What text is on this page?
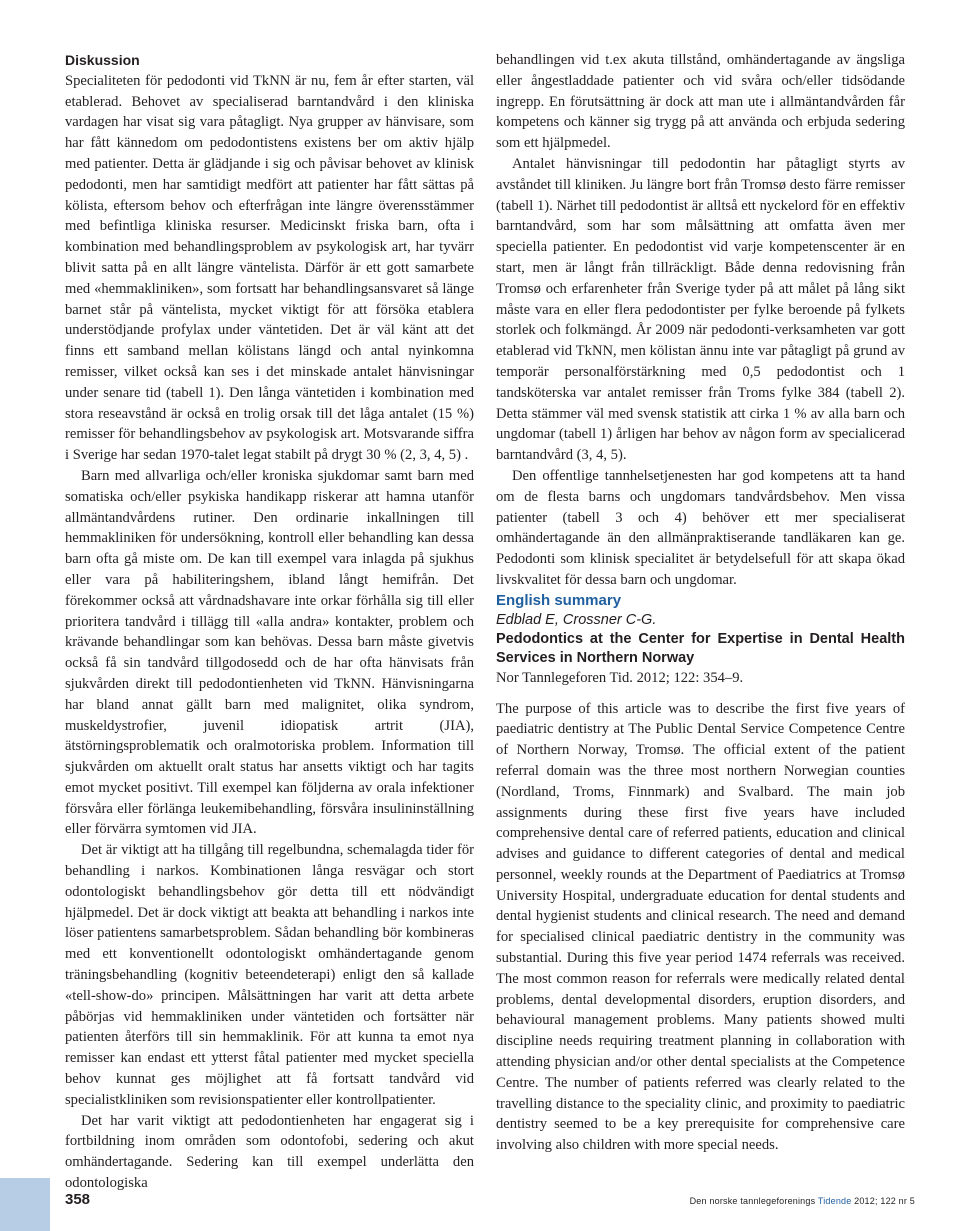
Diskussion

Specialiteten för pedodonti vid TkNN är nu, fem år efter starten, väl etablerad. Behovet av specialiserad barntandvård i den kliniska vardagen har visat sig vara påtagligt. Nya grupper av hänvisare, som har fått kännedom om pedodontistens existens ber om aktiv hjälp med patienter. Detta är glädjande i sig och påvisar behovet av klinisk pedodonti, men har samtidigt medfört att patienter har fått sättas på kölista, eftersom behov och efterfrågan inte längre överensstämmer med befintliga kliniska resurser. Medicinskt friska barn, ofta i kombination med behandlingsproblem av psykologisk art, har tyvärr blivit satta på en allt längre väntelista. Därför är ett gott samarbete med «hemmakliniken», som fortsatt har behandlingsansvaret så länge barnet står på väntelista, mycket viktigt för att försöka etablera understödjande profylax under väntetiden. Det är väl känt att det finns ett samband mellan kölistans längd och antal nyinkomna remisser, vilket också kan ses i det minskade antalet hänvisningar under senare tid (tabell 1). Den långa väntetiden i kombination med stora reseavstånd är också en trolig orsak till det låga antalet (15 %) remisser för behandlingsbehov av psykologisk art. Motsvarande siffra i Sverige har sedan 1970-talet legat stabilt på drygt 30 % (2, 3, 4, 5) .

Barn med allvarliga och/eller kroniska sjukdomar samt barn med somatiska och/eller psykiska handikapp riskerar att hamna utanför allmäntandvårdens rutiner. Den ordinarie inkallningen till hemmakliniken för undersökning, kontroll eller behandling kan dessa barn ofta gå miste om. De kan till exempel vara inlagda på sjukhus eller vara på habiliteringshem, ibland långt hemifrån. Det förekommer också att vårdnadshavare inte orkar förhålla sig till eller prioritera tandvård i tillägg till «alla andra» kontakter, problem och krävande behandlingar som kan behövas. Dessa barn måste givetvis också få sin tandvård tillgodosedd och de har ofta hänvisats från sjukvården direkt till pedodontienheten vid TkNN. Hänvisningarna har bland annat gällt barn med malignitet, olika syndrom, muskeldystrofier, juvenil idiopatisk artrit (JIA), ätstörningsproblematik och oralmotoriska problem. Information till sjukvården om aktuellt oralt status har ansetts viktigt och har tagits emot mycket positivt. Till exempel kan följderna av orala infektioner försvåra eller förlänga leukemibehandling, försvåra insulininställning eller förvärra symtomen vid JIA.

Det är viktigt att ha tillgång till regelbundna, schemalagda tider för behandling i narkos. Kombinationen långa resvägar och stort odontologiskt behandlingsbehov gör detta till ett nödvändigt hjälpmedel. Det är dock viktigt att beakta att behandling i narkos inte löser patientens samarbetsproblem. Sådan behandling bör kombineras med ett konventionellt odontologiskt omhändertagande genom träningsbehandling (kognitiv beteendeterapi) enligt den så kallade «tell-show-do» principen. Målsättningen har varit att detta arbete påbörjas vid hemmakliniken under väntetiden och fortsätter när patienten återförs till sin hemmaklinik. För att kunna ta emot nya remisser kan endast ett ytterst fåtal patienter med mycket speciella behov kunnat ges möjlighet att få fortsatt tandvård vid specialistkliniken som revisionspatienter eller kontrollpatienter.

Det har varit viktigt att pedodontienheten har engagerat sig i fortbildning inom områden som odontofobi, sedering och akut omhändertagande. Sedering kan till exempel underlätta den odontologiska

behandlingen vid t.ex akuta tillstånd, omhändertagande av ängsliga eller ångestladdade patienter och vid svåra och/eller tidsödande ingrepp. En förutsättning är dock att man ute i allmäntandvården får kompetens och känner sig trygg på att använda och erbjuda sedering som ett hjälpmedel.

Antalet hänvisningar till pedodontin har påtagligt styrts av avståndet till kliniken. Ju längre bort från Tromsø desto färre remisser (tabell 1). Närhet till pedodontist är alltså ett nyckelord för en effektiv barntandvård, som har som målsättning att omfatta även mer speciella patienter. En pedodontist vid varje kompetenscenter är en start, men är långt från tillräckligt. Både denna redovisning från Tromsø och erfarenheter från Sverige tyder på att målet på lång sikt måste vara en eller flera pedodontister per fylke beroende på fylkets storlek och folkmängd. År 2009 när pedodonti-verksamheten var gott etablerad vid TkNN, men kölistan ännu inte var påtagligt på grund av temporär personalförstärkning med 0,5 pedodontist och 1 tandsköterska var antalet remisser från Troms fylke 384 (tabell 2). Detta stämmer väl med svensk statistik att cirka 1 % av alla barn och ungdomar (tabell 1) årligen har behov av någon form av specialicerad barntandvård (3, 4, 5).

Den offentlige tannhelsetjenesten har god kompetens att ta hand om de flesta barns och ungdomars tandvårdsbehov. Men vissa patienter (tabell 3 och 4) behöver ett mer specialiserat omhändertagande än den allmänpraktiserande tandläkaren kan ge. Pedodonti som klinisk specialitet är betydelsefull för att skapa ökad livskvalitet för dessa barn och ungdomar.

English summary

Edblad E, Crossner C-G.

Pedodontics at the Center for Expertise in Dental Health Services in Northern Norway

Nor Tannlegeforen Tid. 2012; 122: 354–9.

The purpose of this article was to describe the first five years of paediatric dentistry at The Public Dental Service Competence Centre of Northern Norway, Tromsø. The official extent of the patient referral domain was the three most northern Norwegian counties (Nordland, Troms, Finnmark) and Svalbard. The main job assignments during these first five years have included comprehensive dental care of referred patients, education and clinical advises and guidance to different categories of dental and medical personnel, weekly rounds at the Department of Paediatrics at Tromsø University Hospital, undergraduate education for dental students and dental hygienist students and clinical research. The need and demand for specialised clinical paediatric dentistry in the community was substantial. During this five year period 1474 referrals was received. The most common reason for referrals were medically related dental problems, dental developmental disorders, eruption disorders, and behavioural management problems. Many patients showed multi discipline needs requiring treatment planning in collaboration with attending physician and/or other dental specialists at the Competence Centre. The number of patients referred was clearly related to the travelling distance to the speciality clinic, and proximity to paediatric dentistry seemed to be a key prerequisite for comprehensive care involving also children with more special needs.

358	Den norske tannlegeforenings Tidende 2012; 122 nr 5
